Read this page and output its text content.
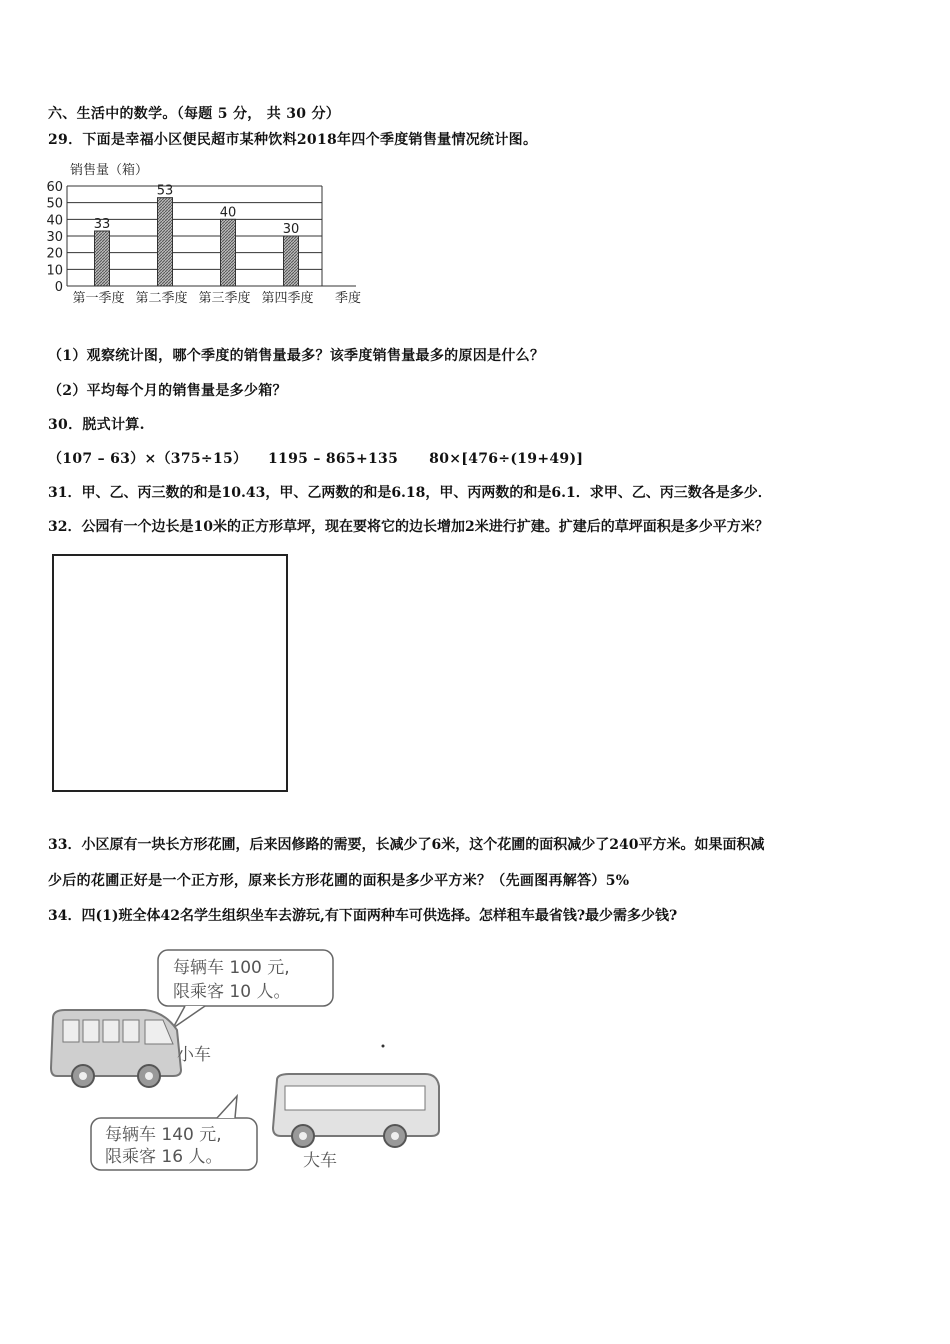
六、生活中的数学。（每题 5 分， 共 30 分）
29．下面是幸福小区便民超市某种饮料2018年四个季度销售量情况统计图。
销售量（箱）
0
10
20
30
40
50
60
33
53
40
30
第一季度 第二季度 第三季度 第四季度 季度
（1）观察统计图，哪个季度的销售量最多？该季度销售量最多的原因是什么？
（2）平均每个月的销售量是多少箱？
30．脱式计算.
（107 – 63）×（375÷15）    1195 – 865+135      80×[476÷(19+49)]
31．甲、乙、丙三数的和是10.43，甲、乙两数的和是6.18，甲、丙两数的和是6.1．求甲、乙、丙三数各是多少．
32．公园有一个边长是10米的正方形草坪，现在要将它的边长增加2米进行扩建。扩建后的草坪面积是多少平方米？
33．小区原有一块长方形花圃，后来因修路的需要，长减少了6米，这个花圃的面积减少了240平方米。如果面积减
少后的花圃正好是一个正方形，原来长方形花圃的面积是多少平方米？（先画图再解答）5%
34．四(1)班全体42名学生组织坐车去游玩,有下面两种车可供选择。怎样租车最省钱?最少需多少钱?
每辆车 100 元,
限乘客 10 人。
小车
每辆车 140 元,
限乘客 16 人。	大车
